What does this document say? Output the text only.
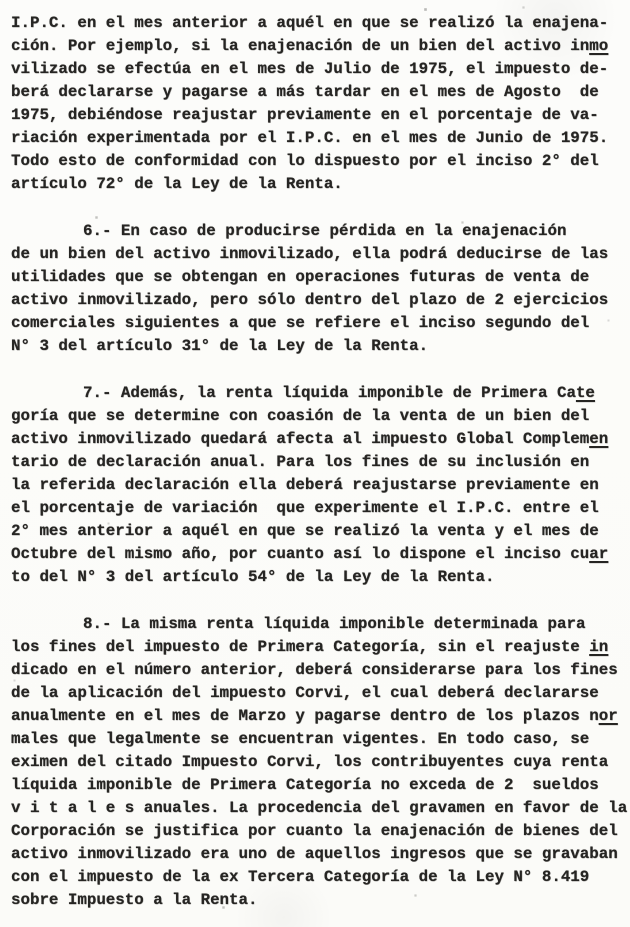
I.P.C. en el mes anterior a aquél en que se realizó la enajena-
ción. Por ejemplo, si la enajenación de un bien del activo inmo
vilizado se efectúa en el mes de Julio de 1975, el impuesto de-
berá declararse y pagarse a más tardar en el mes de Agosto  de
1975, debiéndose reajustar previamente en el porcentaje de va-
riación experimentada por el I.P.C. en el mes de Junio de 1975.
Todo esto de conformidad con lo dispuesto por el inciso 2° del
artículo 72° de la Ley de la Renta.
6.- En caso de producirse pérdida en la enajenación
de un bien del activo inmovilizado, ella podrá deducirse de las
utilidades que se obtengan en operaciones futuras de venta de
activo inmovilizado, pero sólo dentro del plazo de 2 ejercicios
comerciales siguientes a que se refiere el inciso segundo del
N° 3 del artículo 31° de la Ley de la Renta.
7.- Además, la renta líquida imponible de Primera Cate
goría que se determine con coasión de la venta de un bien del
activo inmovilizado quedará afecta al impuesto Global Complemen
tario de declaración anual. Para los fines de su inclusión en
la referida declaración ella deberá reajustarse previamente en
el porcentaje de variación  que experimente el I.P.C. entre el
2° mes anterior a aquél en que se realizó la venta y el mes de
Octubre del mismo año, por cuanto así lo dispone el inciso cuar
to del N° 3 del artículo 54° de la Ley de la Renta.
8.- La misma renta líquida imponible determinada para
los fines del impuesto de Primera Categoría, sin el reajuste in
dicado en el número anterior, deberá considerarse para los fines
de la aplicación del impuesto Corvi, el cual deberá declararse
anualmente en el mes de Marzo y pagarse dentro de los plazos nor
males que legalmente se encuentran vigentes. En todo caso, se
eximen del citado Impuesto Corvi, los contribuyentes cuya renta
líquida imponible de Primera Categoría no exceda de 2  sueldos
v i t a l e s anuales. La procedencia del gravamen en favor de la
Corporación se justifica por cuanto la enajenación de bienes del
activo inmovilizado era uno de aquellos ingresos que se gravaban
con el impuesto de la ex Tercera Categoría de la Ley N° 8.419
sobre Impuesto a la Renta.
